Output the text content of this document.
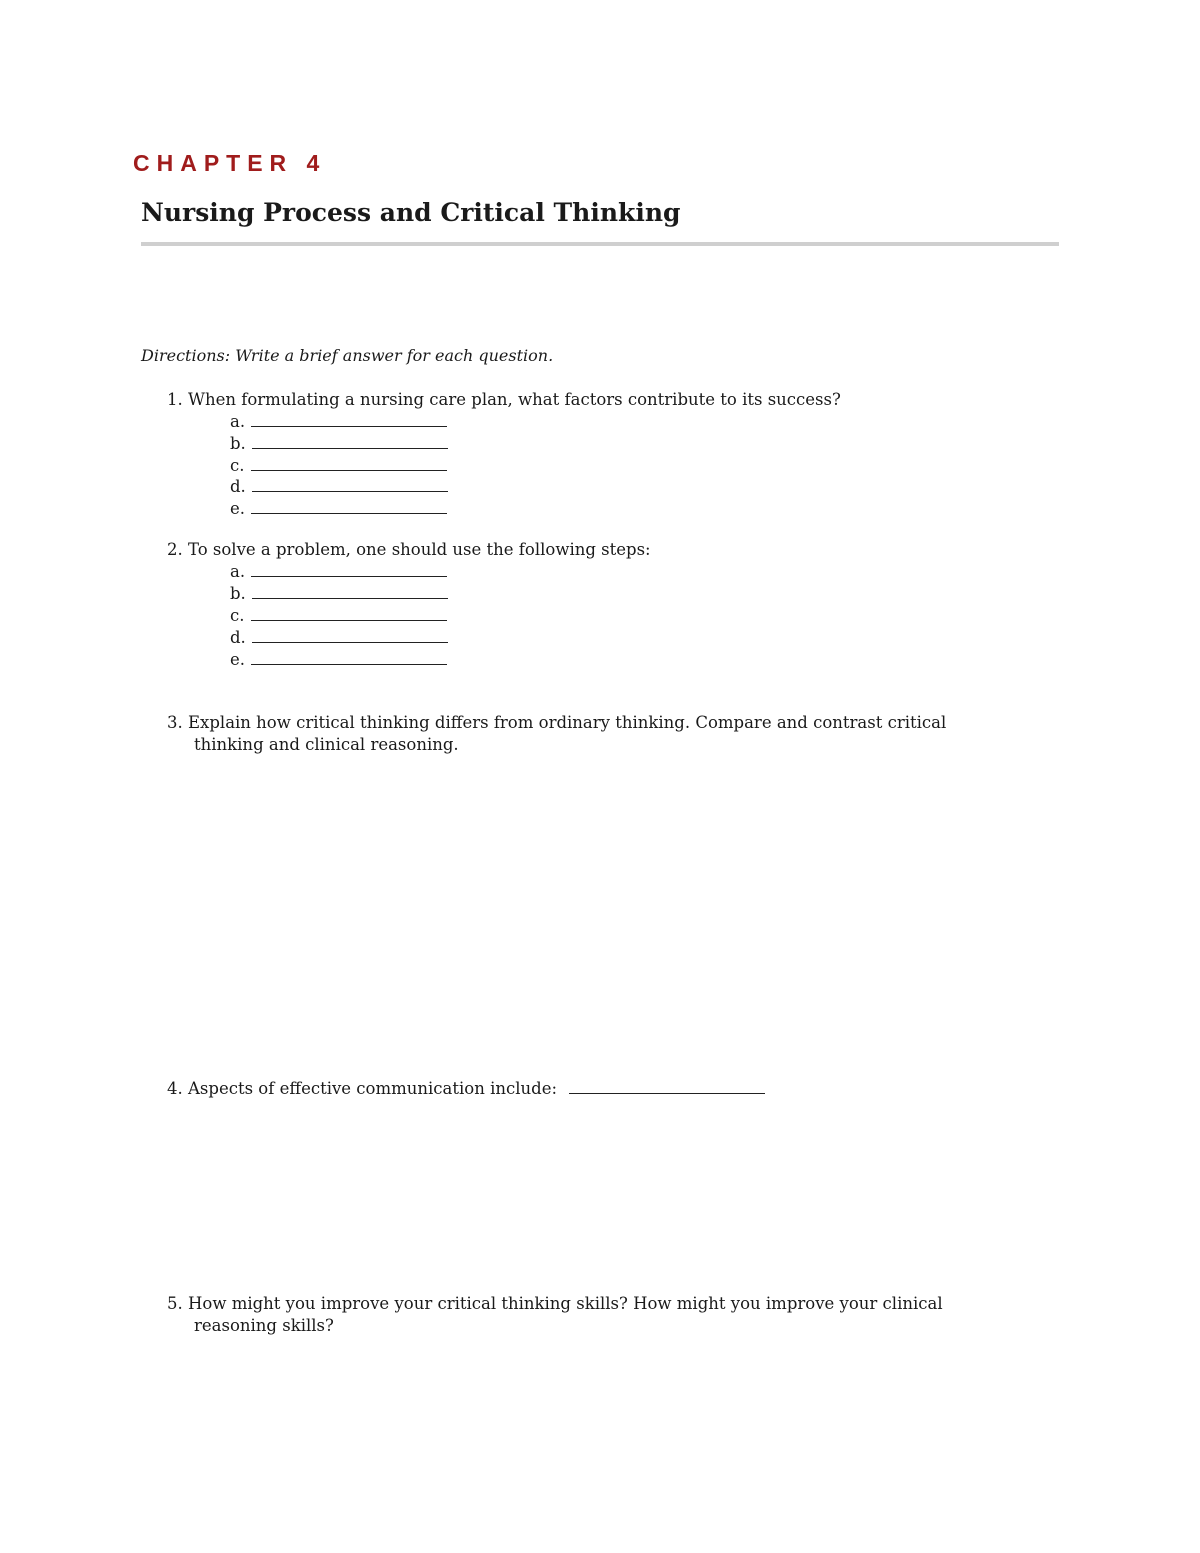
CHAPTER 4
Nursing Process and Critical Thinking
Directions: Write a brief answer for each question.
1. When formulating a nursing care plan, what factors contribute to its success?
a.
b.
c.
d.
e.
2. To solve a problem, one should use the following steps:
a.
b.
c.
d.
e.
3. Explain how critical thinking differs from ordinary thinking. Compare and contrast critical
thinking and clinical reasoning.
4. Aspects of effective communication include:
5. How might you improve your critical thinking skills? How might you improve your clinical
reasoning skills?
